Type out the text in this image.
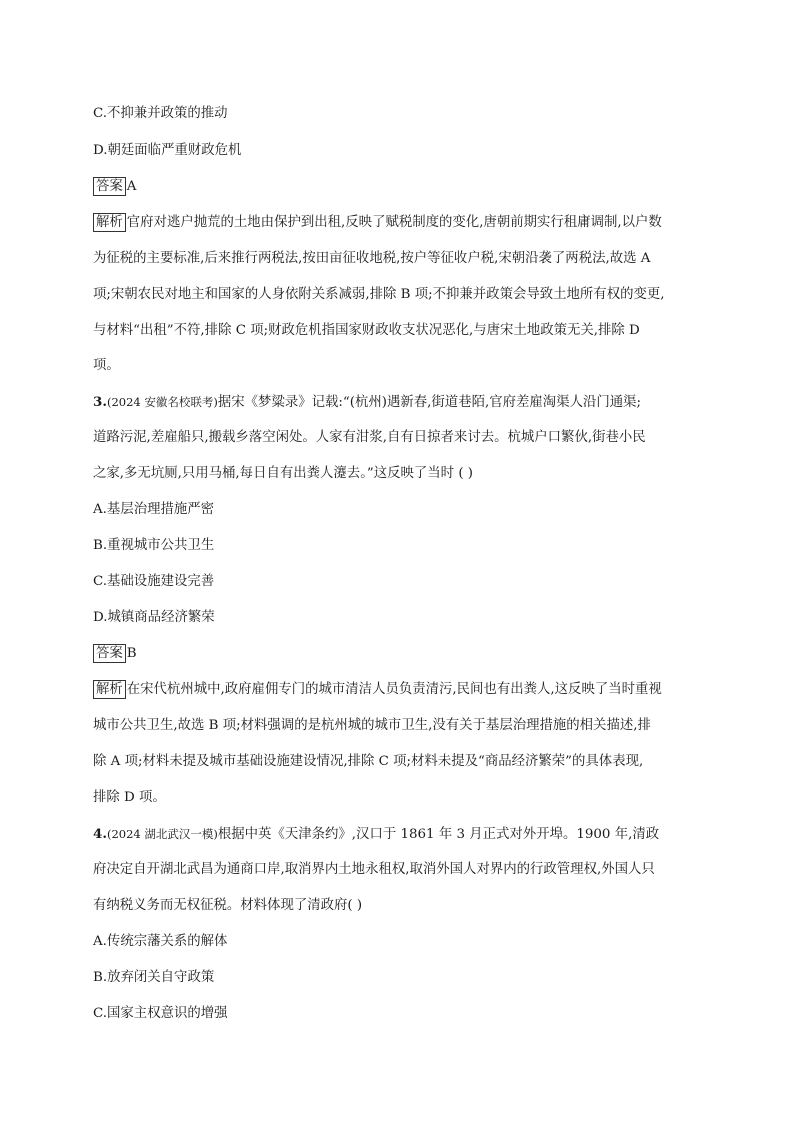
C.不抑兼并政策的推动
D.朝廷面临严重财政危机
答案 A
解析 官府对逃户抛荒的土地由保护到出租,反映了赋税制度的变化,唐朝前期实行租庸调制,以户数
为征税的主要标准,后来推行两税法,按田亩征收地税,按户等征收户税,宋朝沿袭了两税法,故选 A
项;宋朝农民对地主和国家的人身依附关系减弱,排除 B 项;不抑兼并政策会导致土地所有权的变更,
与材料“出租”不符,排除 C 项;财政危机指国家财政收支状况恶化,与唐宋土地政策无关,排除 D
项。
3.(2024 安徽名校联考)据宋《梦粱录》记载:“(杭州)遇新春,街道巷陌,官府差雇淘渠人沿门通渠;
道路污泥,差雇船只,搬载乡落空闲处。人家有泔浆,自有日掠者来讨去。杭城户口繁伙,街巷小民
之家,多无坑厕,只用马桶,每日自有出粪人瀽去。”这反映了当时 ( )
A.基层治理措施严密
B.重视城市公共卫生
C.基础设施建设完善
D.城镇商品经济繁荣
答案 B
解析 在宋代杭州城中,政府雇佣专门的城市清洁人员负责清污,民间也有出粪人,这反映了当时重视
城市公共卫生,故选 B 项;材料强调的是杭州城的城市卫生,没有关于基层治理措施的相关描述,排
除 A 项;材料未提及城市基础设施建设情况,排除 C 项;材料未提及“商品经济繁荣”的具体表现,
排除 D 项。
4.(2024 湖北武汉一模)根据中英《天津条约》,汉口于 1861 年 3 月正式对外开埠。1900 年,清政
府决定自开湖北武昌为通商口岸,取消界内土地永租权,取消外国人对界内的行政管理权,外国人只
有纳税义务而无权征税。材料体现了清政府( )
A.传统宗藩关系的解体
B.放弃闭关自守政策
C.国家主权意识的增强
